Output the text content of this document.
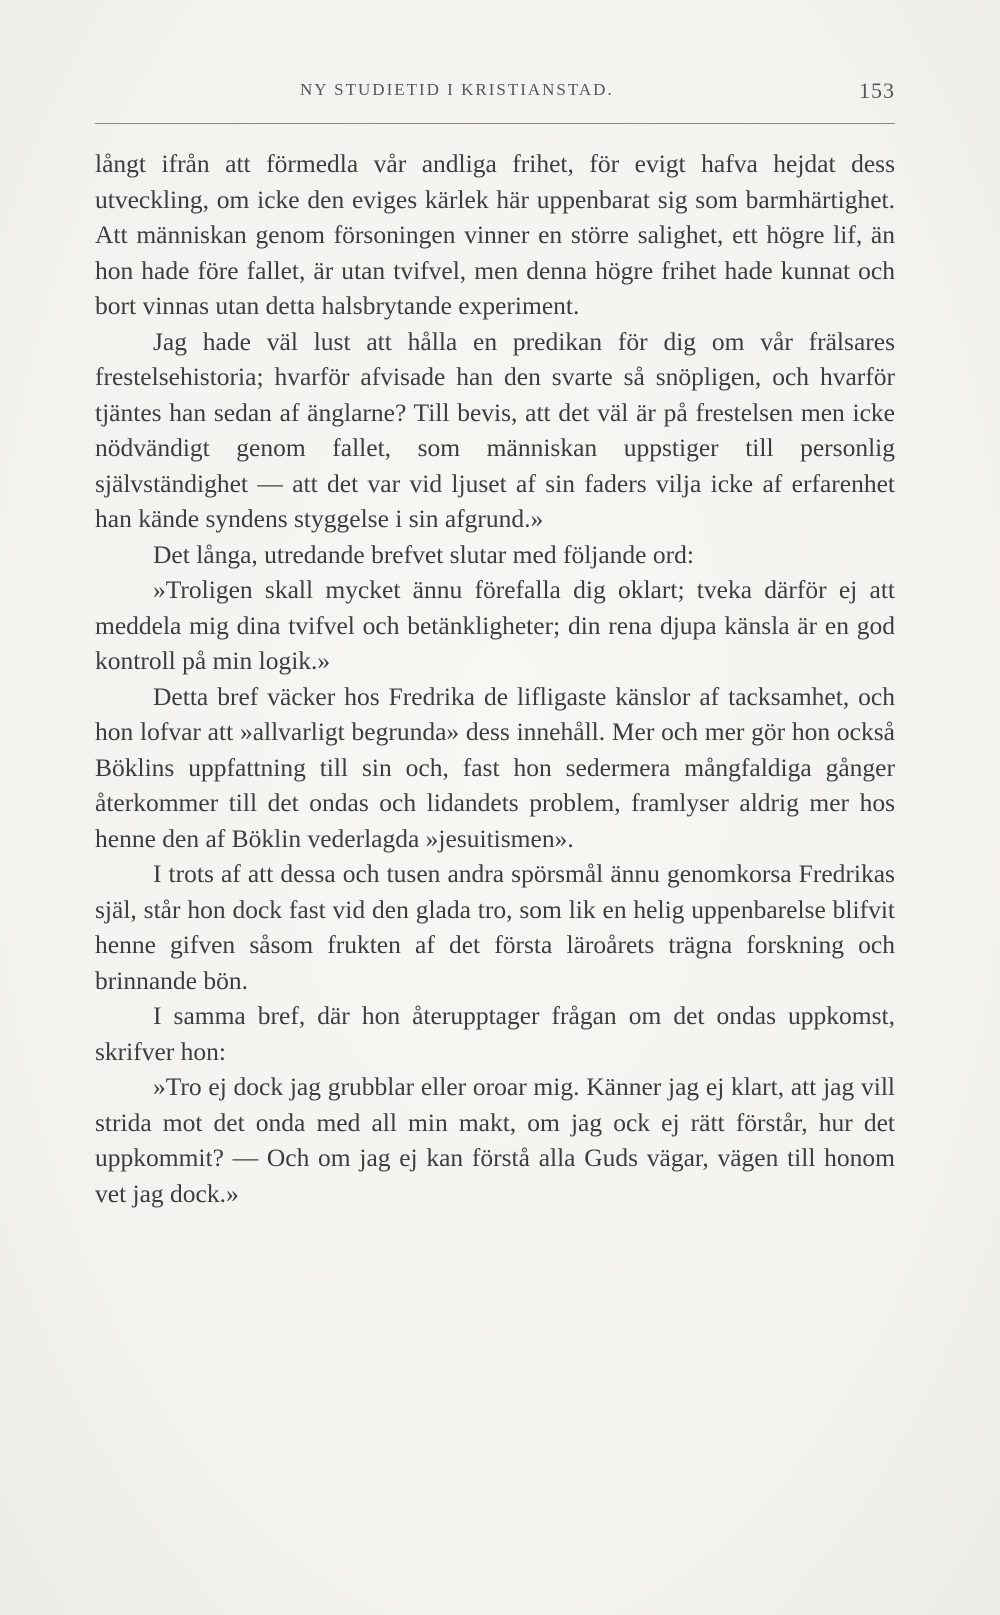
NY STUDIETID I KRISTIANSTAD.	153

långt ifrån att förmedla vår andliga frihet, för evigt hafva hejdat dess utveckling, om icke den eviges kärlek här uppenbarat sig som barmhärtighet. Att människan genom försoningen vinner en större salighet, ett högre lif, än hon hade före fallet, är utan tvifvel, men denna högre frihet hade kunnat och bort vinnas utan detta halsbrytande experiment.

Jag hade väl lust att hålla en predikan för dig om vår frälsares frestelsehistoria; hvarför afvisade han den svarte så snöpligen, och hvarför tjäntes han sedan af änglarne? Till bevis, att det väl är på frestelsen men icke nödvändigt genom fallet, som människan uppstiger till personlig självständighet — att det var vid ljuset af sin faders vilja icke af erfarenhet han kände syndens styggelse i sin afgrund.»

Det långa, utredande brefvet slutar med följande ord:

»Troligen skall mycket ännu förefalla dig oklart; tveka därför ej att meddela mig dina tvifvel och betänkligheter; din rena djupa känsla är en god kontroll på min logik.»

Detta bref väcker hos Fredrika de lifligaste känslor af tacksamhet, och hon lofvar att »allvarligt begrunda» dess innehåll. Mer och mer gör hon också Böklins uppfattning till sin och, fast hon sedermera mångfaldiga gånger återkommer till det ondas och lidandets problem, framlyser aldrig mer hos henne den af Böklin vederlagda »jesuitismen».

I trots af att dessa och tusen andra spörsmål ännu genomkorsa Fredrikas själ, står hon dock fast vid den glada tro, som lik en helig uppenbarelse blifvit henne gifven såsom frukten af det första läroårets trägna forskning och brinnande bön.

I samma bref, där hon återupptager frågan om det ondas uppkomst, skrifver hon:

»Tro ej dock jag grubblar eller oroar mig. Känner jag ej klart, att jag vill strida mot det onda med all min makt, om jag ock ej rätt förstår, hur det uppkommit? — Och om jag ej kan förstå alla Guds vägar, vägen till honom vet jag dock.»
